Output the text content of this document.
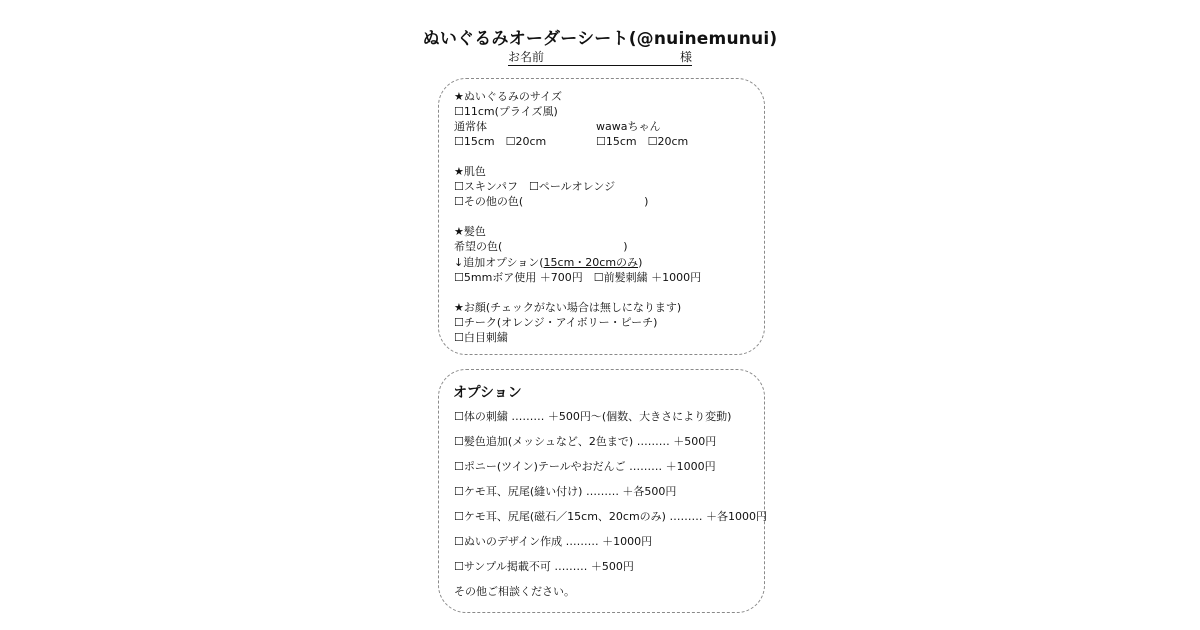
ぬいぐるみオーダーシート(@nuinemunui)
お名前	様
★ぬいぐるみのサイズ
☐11cm(プライズ風)
通常体	wawaちゃん
☐15cm　☐20cm	☐15cm　☐20cm
★肌色
☐スキンパフ　☐ペールオレンジ
☐その他の色(　　　　　　　　　　　)
★髪色
希望の色(　　　　　　　　　　　)
↓追加オプション(15cm・20cmのみ)
☐5mmボア使用 ＋700円　☐前髪刺繍 ＋1000円
★お顔(チェックがない場合は無しになります)
☐チーク(オレンジ・アイボリー・ピーチ)
☐白目刺繍
オプション
☐体の刺繍 ……… ＋500円〜(個数、大きさにより変動)
☐髪色追加(メッシュなど、2色まで) ……… ＋500円
☐ポニー(ツイン)テールやおだんご ……… ＋1000円
☐ケモ耳、尻尾(縫い付け) ……… ＋各500円
☐ケモ耳、尻尾(磁石／15cm、20cmのみ) ……… ＋各1000円
☐ぬいのデザイン作成 ……… ＋1000円
☐サンプル掲載不可 ……… ＋500円
その他ご相談ください。
